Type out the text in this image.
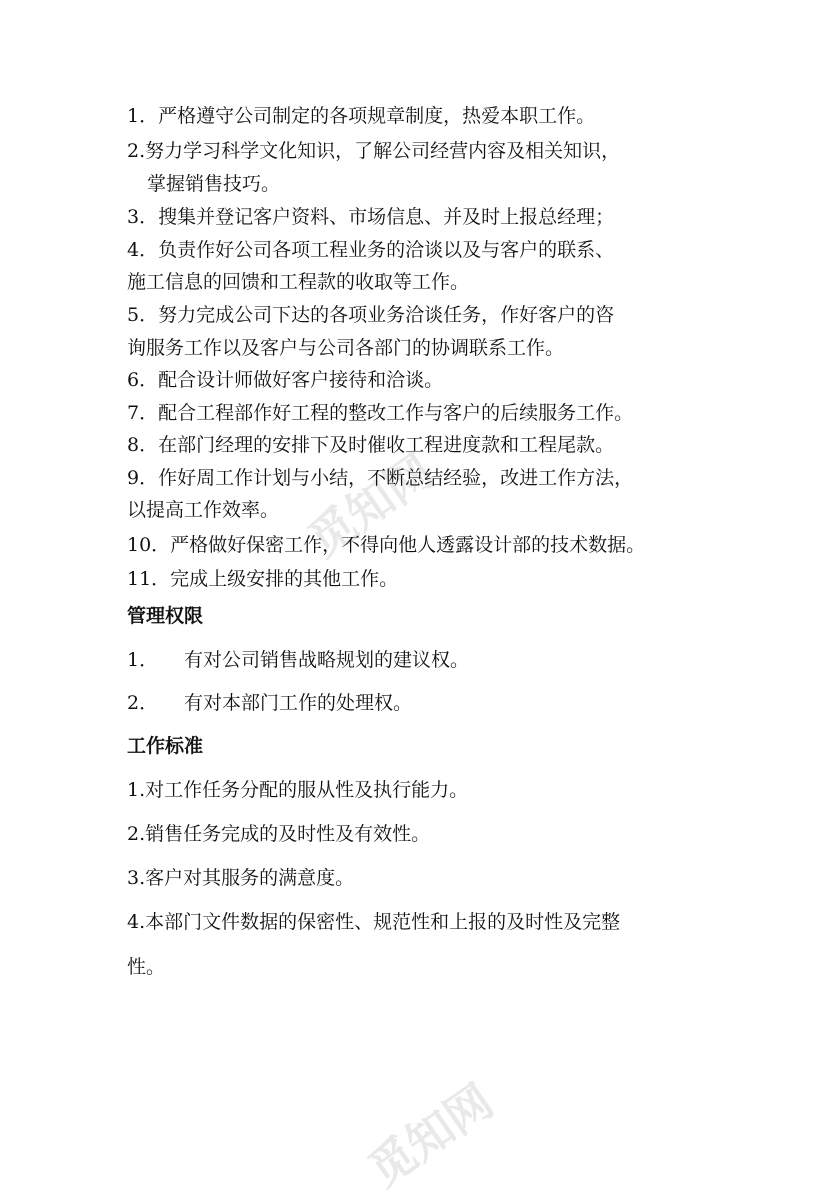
觅知网
觅知网
1．严格遵守公司制定的各项规章制度，热爱本职工作。
2.努力学习科学文化知识，了解公司经营内容及相关知识，
掌握销售技巧。
3．搜集并登记客户资料、市场信息、并及时上报总经理；
4．负责作好公司各项工程业务的洽谈以及与客户的联系、
施工信息的回馈和工程款的收取等工作。
5．努力完成公司下达的各项业务洽谈任务，作好客户的咨
询服务工作以及客户与公司各部门的协调联系工作。
6．配合设计师做好客户接待和洽谈。
7．配合工程部作好工程的整改工作与客户的后续服务工作。
8．在部门经理的安排下及时催收工程进度款和工程尾款。
9．作好周工作计划与小结，不断总结经验，改进工作方法，
以提高工作效率。
10．严格做好保密工作，不得向他人透露设计部的技术数据。
11．完成上级安排的其他工作。
管理权限
1． 有对公司销售战略规划的建议权。
2． 有对本部门工作的处理权。
工作标准
1.对工作任务分配的服从性及执行能力。
2.销售任务完成的及时性及有效性。
3.客户对其服务的满意度。
4.本部门文件数据的保密性、规范性和上报的及时性及完整
性。
